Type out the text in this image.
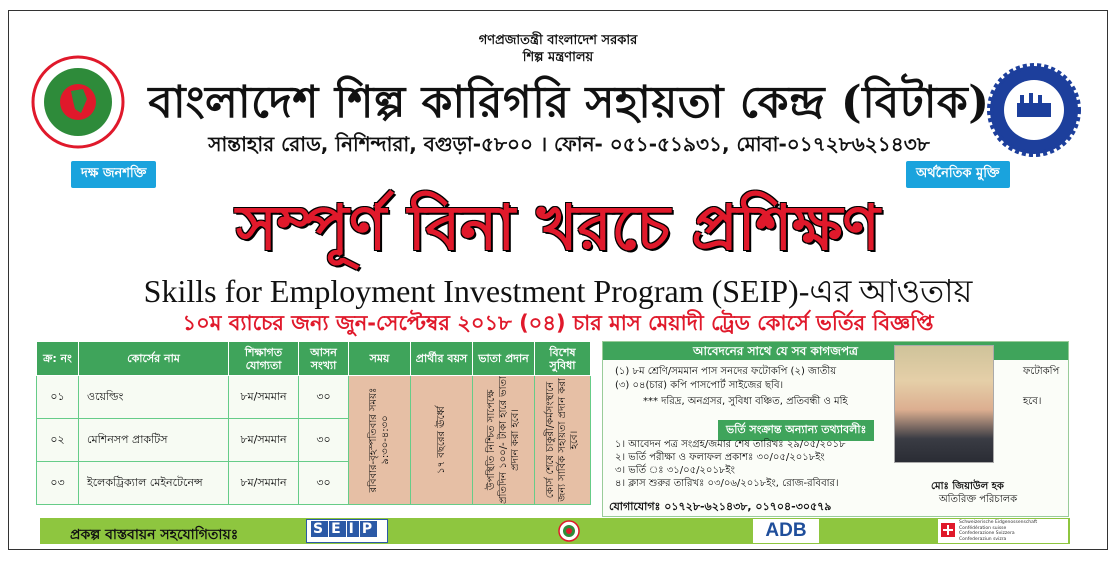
গণপ্রজাতন্ত্রী বাংলাদেশ সরকার
শিল্প মন্ত্রণালয়
বাংলাদেশ শিল্প কারিগরি সহায়তা কেন্দ্র (বিটাক)
সান্তাহার রোড, নিশিন্দারা, বগুড়া-৫৮০০ । ফোন- ০৫১-৫১৯৩১, মোবা-০১৭২৮৬২১৪৩৮
দক্ষ জনশক্তি	অর্থনৈতিক মুক্তি
সম্পূর্ণ বিনা খরচে প্রশিক্ষণ
Skills for Employment Investment Program (SEIP)-এর আওতায়
১০ম ব্যাচের জন্য জুন-সেপ্টেম্বর ২০১৮ (০৪) চার মাস মেয়াদী ট্রেড কোর্সে ভর্তির বিজ্ঞপ্তি
ক্র: নং	কোর্সের নাম	শিক্ষাগত যোগ্যতা	আসন সংখ্যা	সময়	প্রার্থীর বয়স	ভাতা প্রদান	বিশেষ সুবিধা
০১	ওয়েল্ডিং	৮ম/সমমান	৩০	রবিবার-বৃহস্পতিবার সময়ঃ ৯:৩০-৪:৩০	১৭ বছরের ঊর্ধ্বে	উপস্থিতি নিশ্চিত সাপেক্ষে প্রতিদিন ১০০/- টাকা হারে ভাতা প্রদান করা হবে।	কোর্স শেষে চাকুরী/কর্মসংস্থানে জন্য সার্বিক সহায়তা প্রদান করা হবে।

০২	মেশিনসপ প্রাকটিস	৮ম/সমমান	৩০				
০৩	ইলেকট্রিক্যাল মেইনটেনেন্স	৮ম/সমমান	৩০				
আবেদনের সাথে যে সব কাগজপত্র
(১) ৮ম শ্রেণি/সমমান পাস সনদের ফটোকপি (২) জাতীয়	ফটোকপি
(৩) ০৪(চার) কপি পাসপোর্ট সাইজের ছবি।
*** দরিদ্র, অনগ্রসর, সুবিধা বঞ্চিত, প্রতিবন্ধী ও মহি	হবে।
ভর্তি সংক্রান্ত অন্যান্য তথ্যাবলীঃ
১। আবেদন পত্র সংগ্রহ/জমার শেষ তারিখঃ ২৯/০৫/২০১৮
২। ভর্তি পরীক্ষা ও ফলাফল প্রকাশঃ ৩০/০৫/২০১৮ইং
৩। ভর্তি ঃ ৩১/০৫/২০১৮ইং
৪। ক্লাস শুরুর তারিখঃ ০৩/০৬/২০১৮ইং, রোজ-রবিবার।	মোঃ জিয়াউল হক
অতিরিক্ত পরিচালক
যোগাযোগঃ ০১৭২৮-৬২১৪৩৮, ০১৭০৪-৩০৫৭৯
প্রকল্প বাস্তবায়ন সহযোগিতায়ঃ	S E I P	ADB	Schweizerische Eidgenossenschaft
Confédération suisse
Confederazione Svizzera
Confederaziun svizra
